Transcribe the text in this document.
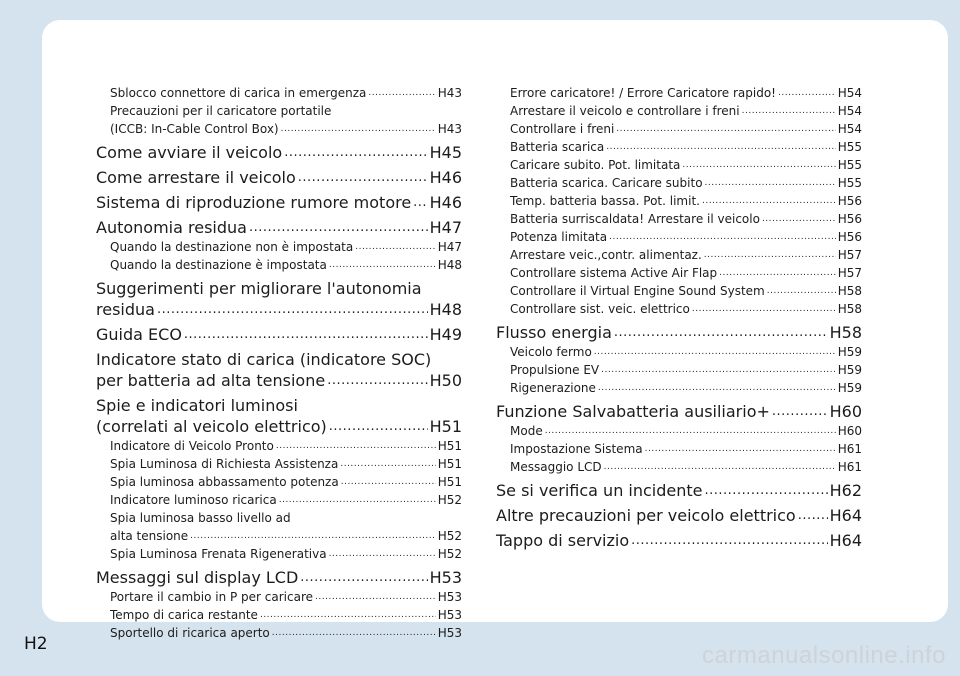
Sblocco connettore di carica in emergenza .....	H43
Precauzioni per il caricatore portatile
(ICCB: In-Cable Control Box) .....	H43
Come avviare il veicolo .....	H45
Come arrestare il veicolo .....	H46
Sistema di riproduzione rumore motore ..... H46
Autonomia residua .....	H47
Quando la destinazione non è impostata .....	H47
Quando la destinazione è impostata .....	H48
Suggerimenti per migliorare l'autonomia
residua .....	H48
Guida ECO .....	H49
Indicatore stato di carica (indicatore SOC)
per batteria ad alta tensione .....	H50
Spie e indicatori luminosi
(correlati al veicolo elettrico) .....	H51
Indicatore di Veicolo Pronto .....	H51
Spia Luminosa di Richiesta Assistenza .....	H51
Spia luminosa abbassamento potenza .....	H51
Indicatore luminoso ricarica .....	H52
Spia luminosa basso livello ad
alta tensione .....	H52
Spia Luminosa Frenata Rigenerativa .....	H52
Messaggi sul display LCD .....	H53
Portare il cambio in P per caricare .....	H53
Tempo di carica restante .....	H53
Sportello di ricarica aperto .....	H53
Errore caricatore! / Errore Caricatore rapido! .....	H54
Arrestare il veicolo e controllare i freni .....	H54
Controllare i freni .....	H54
Batteria scarica .....	H55
Caricare subito. Pot. limitata .....	H55
Batteria scarica. Caricare subito .....	H55
Temp. batteria bassa. Pot. limit. .....	H56
Batteria surriscaldata! Arrestare il veicolo .....	H56
Potenza limitata .....	H56
Arrestare veic.,contr. alimentaz. .....	H57
Controllare sistema Active Air Flap .....	H57
Controllare il Virtual Engine Sound System .....	H58
Controllare sist. veic. elettrico .....	H58
Flusso energia .....	H58
Veicolo fermo .....	H59
Propulsione EV .....	H59
Rigenerazione .....	H59
Funzione Salvabatteria ausiliario+ .....	H60
Mode .....	H60
Impostazione Sistema .....	H61
Messaggio LCD .....	H61
Se si verifica un incidente .....	H62
Altre precauzioni per veicolo elettrico ..... H64
Tappo di servizio .....	H64
H2	carmanualsonline.info
